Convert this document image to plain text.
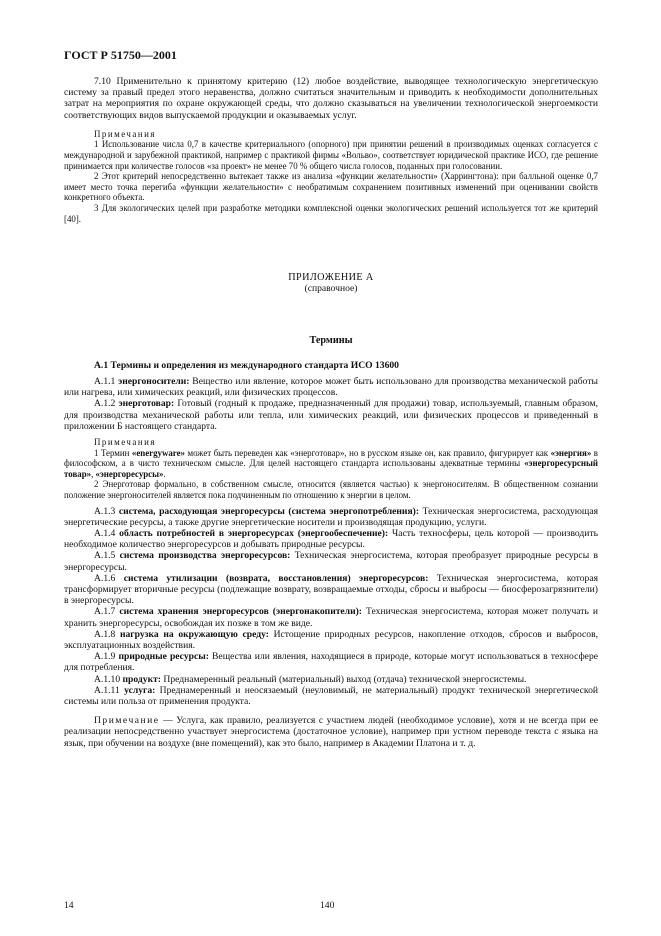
ГОСТ Р 51750—2001

7.10 Применительно к принятому критерию (12) любое воздействие, выводящее технологическую энергетическую систему за правый предел этого неравенства, должно считаться значительным и приводить к необходимости дополнительных затрат на мероприятия по охране окружающей среды, что должно сказываться на увеличении технологической энергоемкости соответствующих видов выпускаемой продукции и оказываемых услуг.

Примечания

1 Использование числа 0,7 в качестве критериального (опорного) при принятии решений в производимых оценках согласуется с международной и зарубежной практикой, например с практикой фирмы «Вольво», соответствует юридической практике ИСО, где решение принимается при количестве голосов «за проект» не менее 70 % общего числа голосов, поданных при голосовании.

2 Этот критерий непосредственно вытекает также из анализа «функции желательности» (Харрингтона): при балльной оценке 0,7 имеет место точка перегиба «функции желательности» с необратимым сохранением позитивных изменений при оценивании свойств конкретного объекта.

3 Для экологических целей при разработке методики комплексной оценки экологических решений используется тот же критерий [40].

ПРИЛОЖЕНИЕ А

(справочное)

Термины

А.1 Термины и определения из международного стандарта ИСО 13600

А.1.1 энергоносители: Вещество или явление, которое может быть использовано для производства механической работы или нагрева, или химических реакций, или физических процессов.

А.1.2 энерготовар: Готовый (годный к продаже, предназначенный для продажи) товар, используемый, главным образом, для производства механической работы или тепла, или химических реакций, или физических процессов и приведенный в приложении Б настоящего стандарта.

Примечания

1 Термин «energyware» может быть переведен как «энерготовар», но в русском языке он, как правило, фигурирует как «энергия» в философском, а в чисто техническом смысле. Для целей настоящего стандарта использованы адекватные термины «энергоресурсный товар», «энергоресурсы».

2 Энерготовар формально, в собственном смысле, относится (является частью) к энергоносителям. В общественном сознании положение энергоносителей является пока подчиненным по отношению к энергии в целом.

А.1.3 система, расходующая энергоресурсы (система энергопотребления): Техническая энергосистема, расходующая энергетические ресурсы, а также другие энергетические носители и производящая продукцию, услуги.

А.1.4 область потребностей в энергоресурсах (энергообеспечение): Часть техносферы, цель которой — производить необходимое количество энергоресурсов и добывать природные ресурсы.

А.1.5 система производства энергоресурсов: Техническая энергосистема, которая преобразует природные ресурсы в энергоресурсы.

А.1.6 система утилизации (возврата, восстановления) энергоресурсов: Техническая энергосистема, которая трансформирует вторичные ресурсы (подлежащие возврату, возвращаемые отходы, сбросы и выбросы — биосферозагрязнители) в энергоресурсы.

А.1.7 система хранения энергоресурсов (энергонакопители): Техническая энергосистема, которая может получать и хранить энергоресурсы, освобождая их позже в том же виде.

А.1.8 нагрузка на окружающую среду: Истощение природных ресурсов, накопление отходов, сбросов и выбросов, эксплуатационных воздействия.

А.1.9 природные ресурсы: Вещества или явления, находящиеся в природе, которые могут использоваться в техносфере для потребления.

А.1.10 продукт: Преднамеренный реальный (материальный) выход (отдача) технической энергосистемы.

А.1.11 услуга: Преднамеренный и неосязаемый (неуловимый, не материальный) продукт технической энергетической системы или польза от применения продукта.

Примечание — Услуга, как правило, реализуется с участием людей (необходимое условие), хотя и не всегда при ее реализации непосредственно участвует энергосистема (достаточное условие), например при устном переводе текста с языка на язык, при обучении на воздухе (вне помещений), как это было, например в Академии Платона и т. д.

14	140
